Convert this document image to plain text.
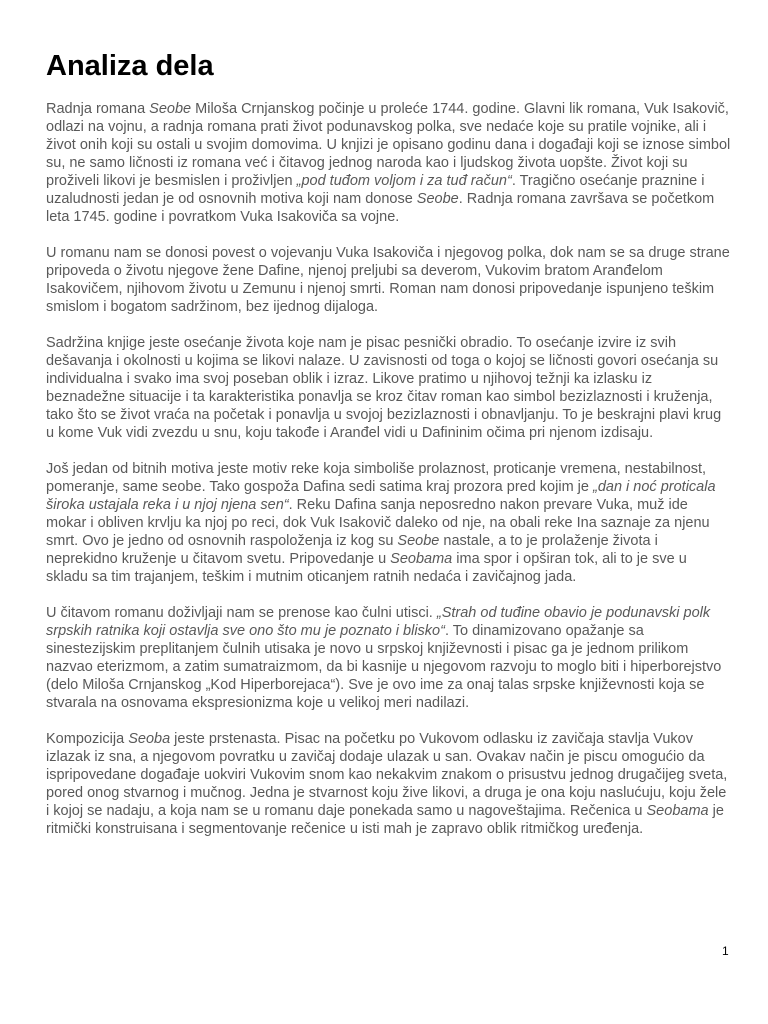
Analiza dela

Radnja romana Seobe Miloša Crnjanskog počinje u proleće 1744. godine. Glavni lik romana, Vuk Isakovič, odlazi na vojnu, a radnja romana prati život podunavskog polka, sve nedaće koje su pratile vojnike, ali i život onih koji su ostali u svojim domovima. U knjizi je opisano godinu dana i događaji koji se iznose simbol su, ne samo ličnosti iz romana već i čitavog jednog naroda kao i ljudskog života uopšte. Život koji su proživeli likovi je besmislen i proživljen „pod tuđom voljom i za tuđ račun“. Tragično osećanje praznine i uzaludnosti jedan je od osnovnih motiva koji nam donose Seobe. Radnja romana završava se početkom leta 1745. godine i povratkom Vuka Isakoviča sa vojne.

U romanu nam se donosi povest o vojevanju Vuka Isakoviča i njegovog polka, dok nam se sa druge strane pripoveda o životu njegove žene Dafine, njenoj preljubi sa deverom, Vukovim bratom Aranđelom Isakovičem, njihovom životu u Zemunu i njenoj smrti. Roman nam donosi pripovedanje ispunjeno teškim smislom i bogatom sadržinom, bez ijednog dijaloga.

Sadržina knjige jeste osećanje života koje nam je pisac pesnički obradio. To osećanje izvire iz svih dešavanja i okolnosti u kojima se likovi nalaze. U zavisnosti od toga o kojoj se ličnosti govori osećanja su individualna i svako ima svoj poseban oblik i izraz. Likove pratimo u njihovoj težnji ka izlasku iz beznadežne situacije i ta karakteristika ponavlja se kroz čitav roman kao simbol bezizlaznosti i kruženja, tako što se život vraća na početak i ponavlja u svojoj bezizlaznosti i obnavljanju. To je beskrajni plavi krug u kome Vuk vidi zvezdu u snu, koju takođe i Aranđel vidi u Dafininim očima pri njenom izdisaju.

Još jedan od bitnih motiva jeste motiv reke koja simboliše prolaznost, proticanje vremena, nestabilnost, pomeranje, same seobe. Tako gospoža Dafina sedi satima kraj prozora pred kojim je „dan i noć proticala široka ustajala reka i u njoj njena sen“. Reku Dafina sanja neposredno nakon prevare Vuka, muž ide mokar i obliven krvlju ka njoj po reci, dok Vuk Isakovič daleko od nje, na obali reke Ina saznaje za njenu smrt. Ovo je jedno od osnovnih raspoloženja iz kog su Seobe nastale, a to je prolaženje života i neprekidno kruženje u čitavom svetu. Pripovedanje u Seobama ima spor i opširan tok, ali to je sve u skladu sa tim trajanjem, teškim i mutnim oticanjem ratnih nedaća i zavičajnog jada.

U čitavom romanu doživljaji nam se prenose kao čulni utisci. „Strah od tuđine obavio je podunavski polk srpskih ratnika koji ostavlja sve ono što mu je poznato i blisko“. To dinamizovano opažanje sa sinestezijskim preplitanjem čulnih utisaka je novo u srpskoj književnosti i pisac ga je jednom prilikom nazvao eterizmom, a zatim sumatraizmom, da bi kasnije u njegovom razvoju to moglo biti i hiperborejstvo (delo Miloša Crnjanskog „Kod Hiperborejaca“). Sve je ovo ime za onaj talas srpske književnosti koja se stvarala na osnovama ekspresionizma koje u velikoj meri nadilazi.

Kompozicija Seoba jeste prstenasta. Pisac na početku po Vukovom odlasku iz zavičaja stavlja Vukov izlazak iz sna, a njegovom povratku u zavičaj dodaje ulazak u san. Ovakav način je piscu omogućio da ispripovedane događaje uokviri Vukovim snom kao nekakvim znakom o prisustvu jednog drugačijeg sveta, pored onog stvarnog i mučnog. Jedna je stvarnost koju žive likovi, a druga je ona koju naslućuju, koju žele i kojoj se nadaju, a koja nam se u romanu daje ponekada samo u nagoveštajima. Rečenica u Seobama je ritmički konstruisana i segmentovanje rečenice u isti mah je zapravo oblik ritmičkog uređenja.

1
